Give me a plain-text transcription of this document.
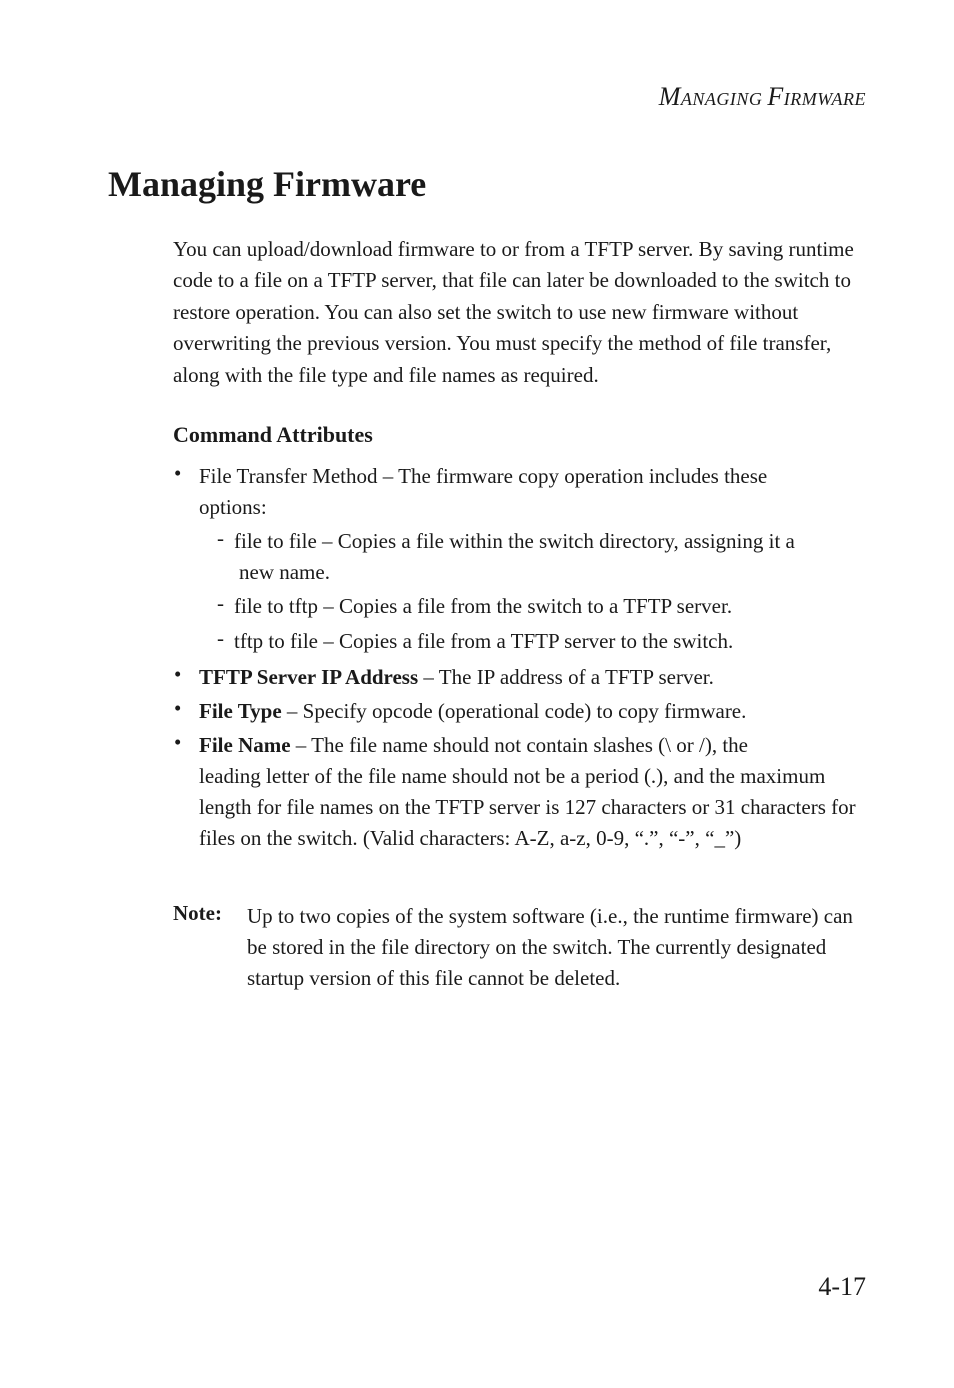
MANAGING FIRMWARE
Managing Firmware

You can upload/download firmware to or from a TFTP server. By saving runtime code to a file on a TFTP server, that file can later be downloaded to the switch to restore operation. You can also set the switch to use new firmware without overwriting the previous version. You must specify the method of file transfer, along with the file type and file names as required.

Command Attributes
• File Transfer Method – The firmware copy operation includes these
options:
- file to file – Copies a file within the switch directory, assigning it a
new name.
- file to tftp – Copies a file from the switch to a TFTP server.
- tftp to file – Copies a file from a TFTP server to the switch.
• TFTP Server IP Address – The IP address of a TFTP server.
• File Type – Specify opcode (operational code) to copy firmware.
• File Name – The file name should not contain slashes (\ or /), the
leading letter of the file name should not be a period (.), and the maximum length for file names on the TFTP server is 127 characters or 31 characters for files on the switch. (Valid characters: A-Z, a-z, 0-9, “.”, “-”, “_”)
Note: Up to two copies of the system software (i.e., the runtime firmware) can be stored in the file directory on the switch. The currently designated startup version of this file cannot be deleted.
4-17
